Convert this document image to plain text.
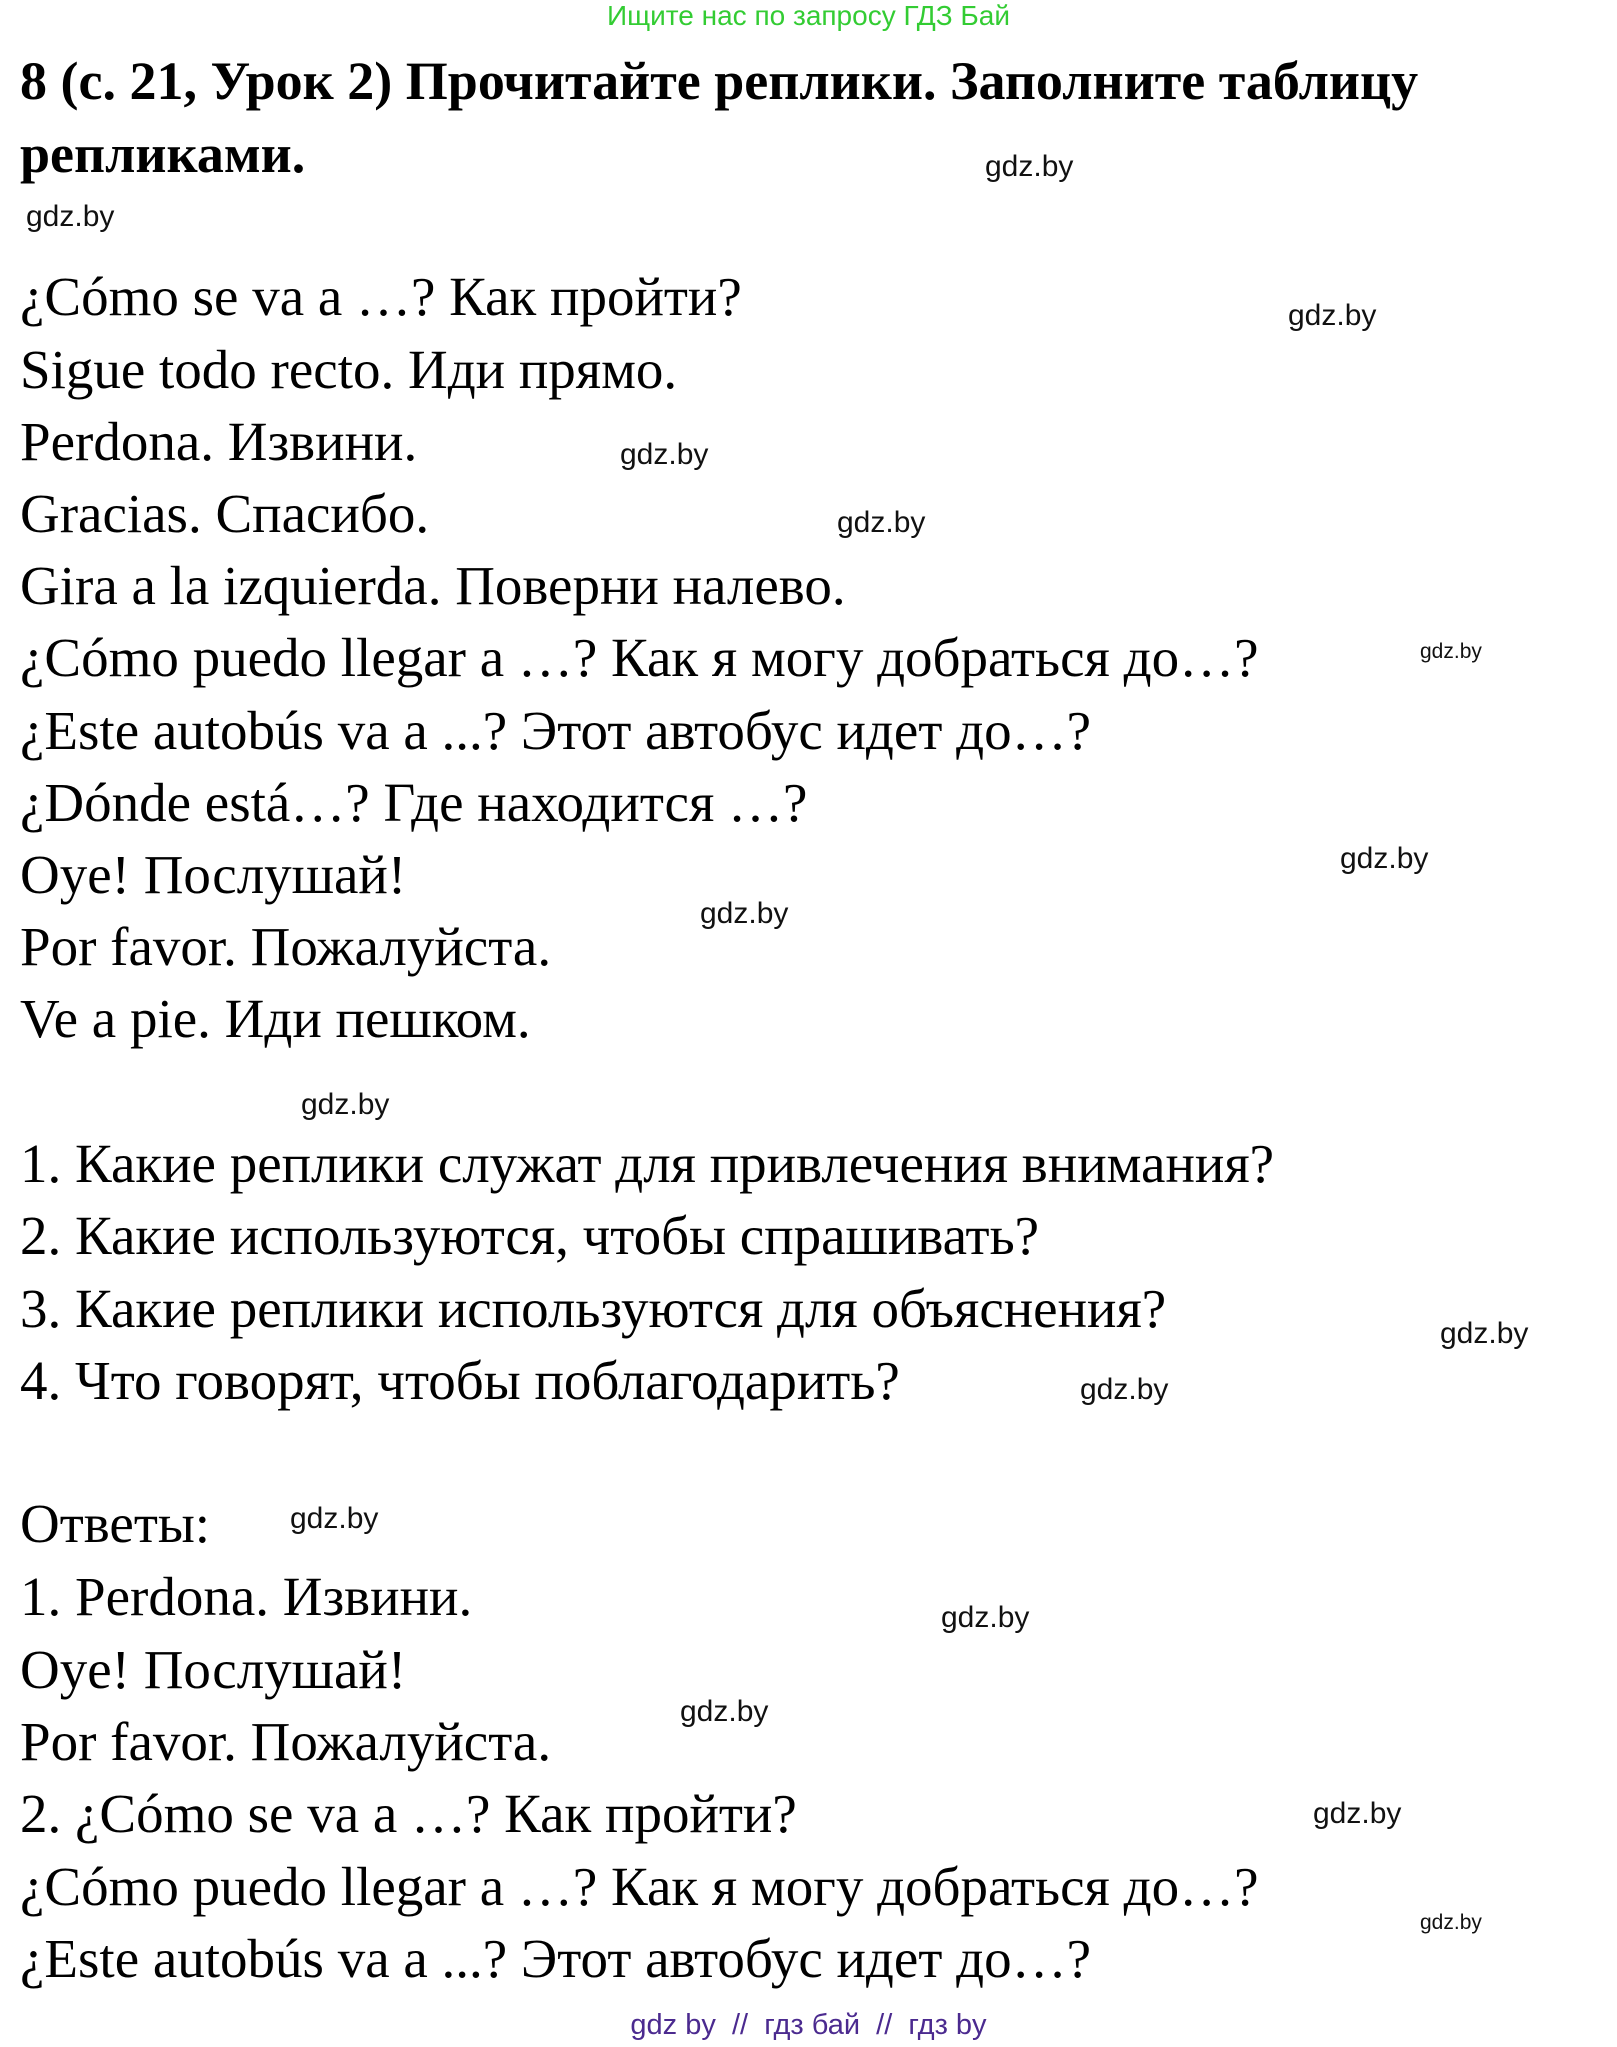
Ищите нас по запросу ГДЗ Бай
8 (с. 21, Урок 2) Прочитайте реплики. Заполните таблицу
репликами.
¿Cómo se va a …? Как пройти?
Sigue todo recto. Иди прямо.
Perdona. Извини.
Gracias. Спасибо.
Gira a la izquierda. Поверни налево.
¿Cómo puedo llegar a …? Как я могу добраться до…?
¿Este autobús va a ...? Этот автобус идет до…?
¿Dónde está…? Где находится …?
Oye! Послушай!
Por favor. Пожалуйста.
Ve a pie. Иди пешком.
1. Какие реплики служат для привлечения внимания?
2. Какие используются, чтобы спрашивать?
3. Какие реплики используются для объяснения?
4. Что говорят, чтобы поблагодарить?
Ответы:
1. Perdona. Извини.
Oye! Послушай!
Por favor. Пожалуйста.
2. ¿Cómo se va a …? Как пройти?
¿Cómo puedo llegar a …? Как я могу добраться до…?
¿Este autobús va a ...? Этот автобус идет до…?
gdz.by
gdz.by
gdz.by
gdz.by
gdz.by
gdz.by
gdz.by
gdz.by
gdz.by
gdz.by
gdz.by
gdz.by
gdz.by
gdz.by
gdz.by
gdz.by
gdz by  //  гдз бай  //  гдз by
